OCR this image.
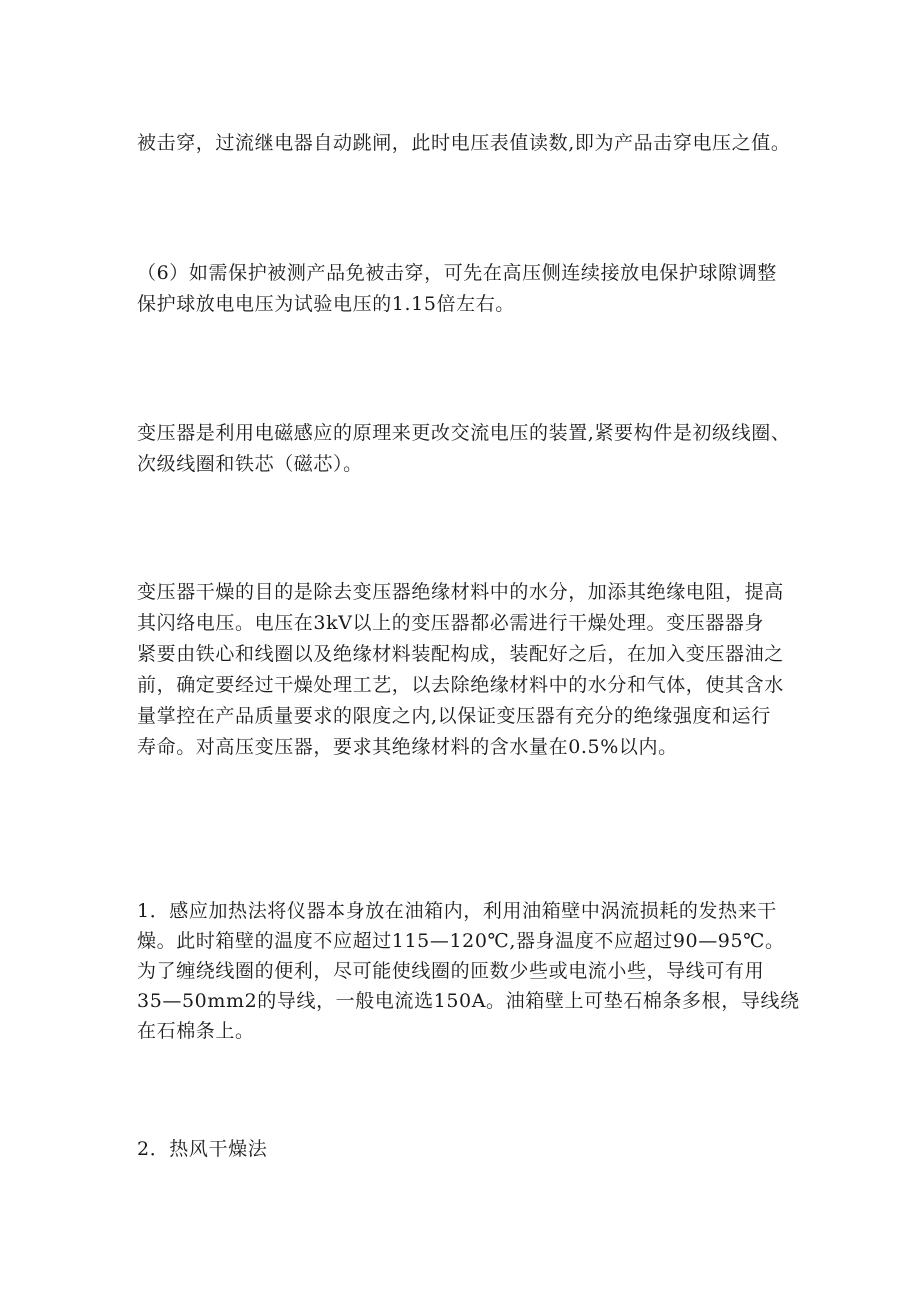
被击穿，过流继电器自动跳闸，此时电压表值读数,即为产品击穿电压之值。

（6）如需保护被测产品免被击穿，可先在高压侧连续接放电保护球隙调整
保护球放电电压为试验电压的1.15倍左右。

变压器是利用电磁感应的原理来更改交流电压的装置,紧要构件是初级线圈、
次级线圈和铁芯（磁芯）。

变压器干燥的目的是除去变压器绝缘材料中的水分，加添其绝缘电阻，提高
其闪络电压。电压在3kV以上的变压器都必需进行干燥处理。变压器器身
紧要由铁心和线圈以及绝缘材料装配构成，装配好之后，在加入变压器油之
前，确定要经过干燥处理工艺，以去除绝缘材料中的水分和气体，使其含水
量掌控在产品质量要求的限度之内,以保证变压器有充分的绝缘强度和运行
寿命。对高压变压器，要求其绝缘材料的含水量在0.5%以内。

1．感应加热法将仪器本身放在油箱内，利用油箱壁中涡流损耗的发热来干
燥。此时箱壁的温度不应超过115—120℃,器身温度不应超过90—95℃。
为了缠绕线圈的便利，尽可能使线圈的匝数少些或电流小些，导线可有用
35—50mm2的导线，一般电流选150A。油箱壁上可垫石棉条多根，导线绕
在石棉条上。

2．热风干燥法
